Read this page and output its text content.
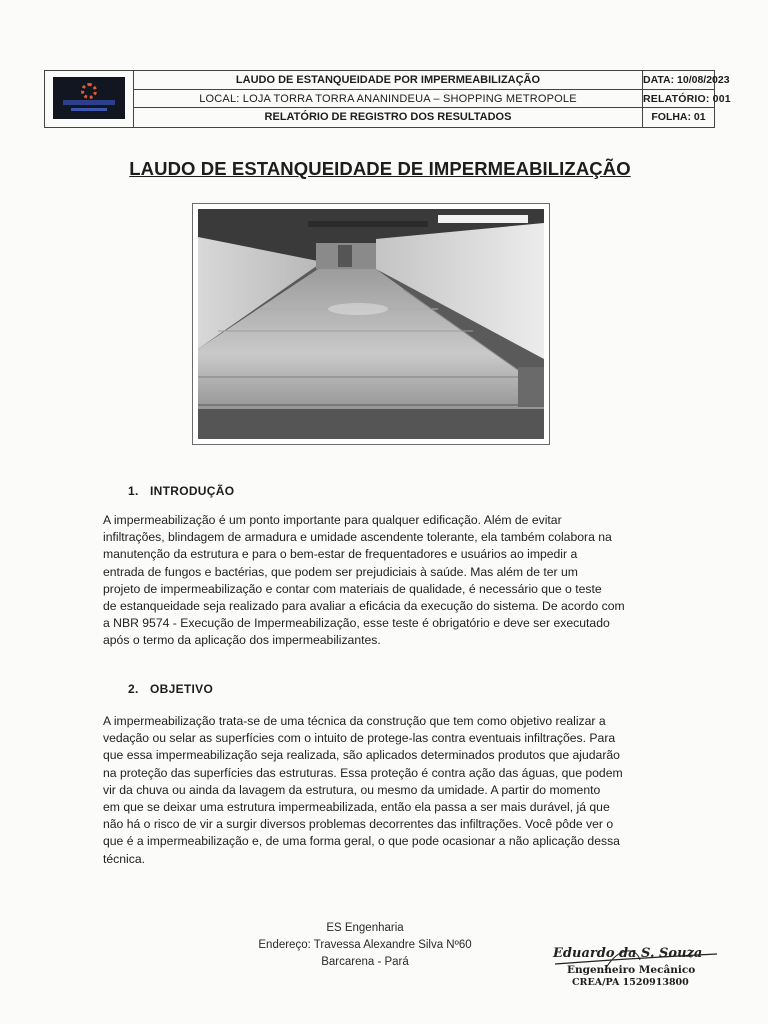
LAUDO DE ESTANQUEIDADE POR IMPERMEABILIZAÇÃO
LOCAL: LOJA TORRA TORRA ANANINDEUA – SHOPPING METROPOLE
RELATÓRIO DE REGISTRO DOS RESULTADOS
DATA: 10/08/2023
RELATÓRIO: 001
FOLHA: 01
LAUDO DE ESTANQUEIDADE DE IMPERMEABILIZAÇÃO
1. INTRODUÇÃO
A impermeabilização é um ponto importante para qualquer edificação. Além de evitar
infiltrações, blindagem de armadura e umidade ascendente tolerante, ela também colabora na
manutenção da estrutura e para o bem-estar de frequentadores e usuários ao impedir a
entrada de fungos e bactérias, que podem ser prejudiciais à saúde. Mas além de ter um
projeto de impermeabilização e contar com materiais de qualidade, é necessário que o teste
de estanqueidade seja realizado para avaliar a eficácia da execução do sistema. De acordo com
a NBR 9574 - Execução de Impermeabilização, esse teste é obrigatório e deve ser executado
após o termo da aplicação dos impermeabilizantes.
2. OBJETIVO
A impermeabilização trata-se de uma técnica da construção que tem como objetivo realizar a
vedação ou selar as superfícies com o intuito de protege-las contra eventuais infiltrações. Para
que essa impermeabilização seja realizada, são aplicados determinados produtos que ajudarão
na proteção das superfícies das estruturas. Essa proteção é contra ação das águas, que podem
vir da chuva ou ainda da lavagem da estrutura, ou mesmo da umidade. A partir do momento
em que se deixar uma estrutura impermeabilizada, então ela passa a ser mais durável, já que
não há o risco de vir a surgir diversos problemas decorrentes das infiltrações. Você pôde ver o
que é a impermeabilização e, de uma forma geral, o que pode ocasionar a não aplicação dessa
técnica.
ES Engenharia
Endereço: Travessa Alexandre Silva Nº60
Barcarena - Pará
Eduardo da S. Souza
Engenheiro Mecânico
CREA/PA 1520913800
